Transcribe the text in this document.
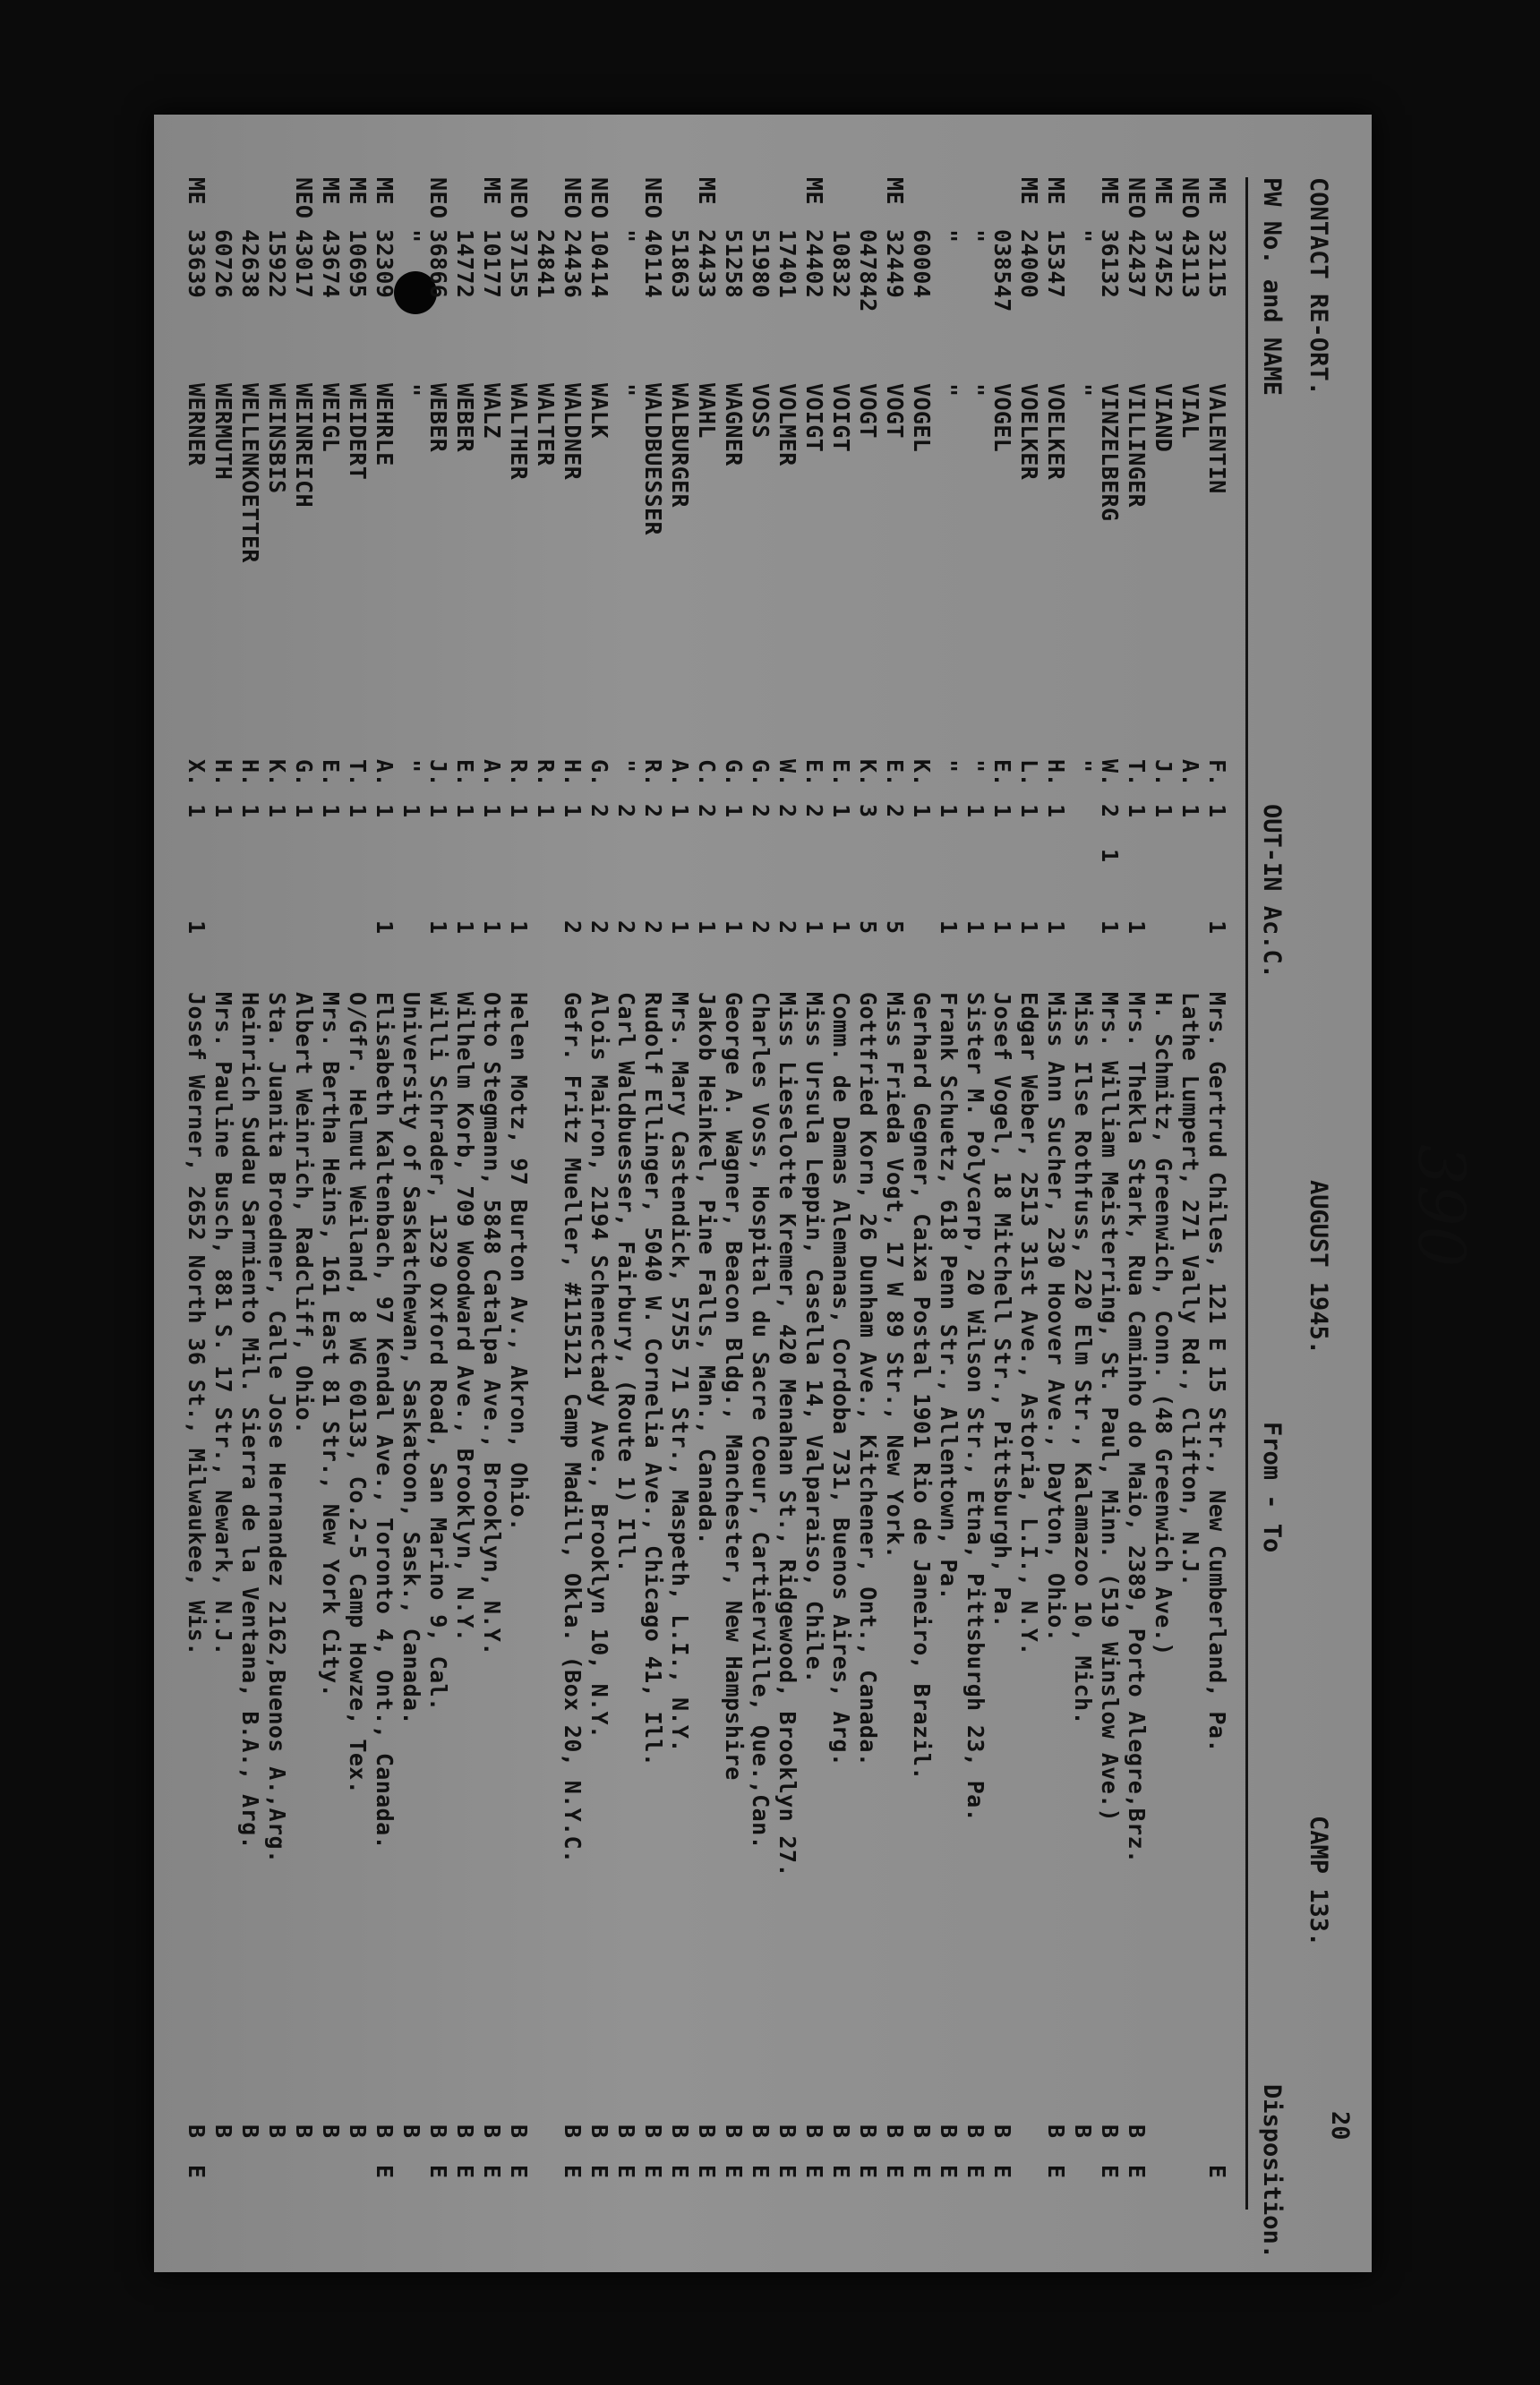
390
CONTACT RE-ORT.
AUGUST 1945.
CAMP 133.
20
PW No. and NAME
OUT-IN Ac.C.
From - To
Disposition.
ME
32115
VALENTIN
F.
1
1
Mrs. Gertrud Chiles, 121 E 15 Str., New Cumberland, Pa.
E
NEO
43113
VIAL
A.
1
Lathe Lumpert, 271 Vally Rd., Clifton, N.J.
ME
37452
VIAND
J.
1
H. Schmitz, Greenwich, Conn. (48 Greenwich Ave.)
NEO
42437
VILLINGER
T.
1
1
Mrs. Thekla Stark, Rua Caminho do Maio, 2389, Porto Alegre,Brz.
B
E
ME
36132
VINZELBERG
W.
2
1
1
Mrs. William Meisterring, St. Paul, Minn. (519 Winslow Ave.)
B
E
"
"
"
Miss Ilse Rothfuss, 220 Elm Str., Kalamazoo 10, Mich.
B
ME
15347
VOELKER
H.
1
1
Miss Ann Sucher, 230 Hoover Ave., Dayton, Ohio.
B
E
ME
24000
VOELKER
L.
1
1
Edgar Weber, 2513 31st Ave., Astoria, L.I., N.Y.
038547
VOGEL
E.
1
1
Josef Vogel, 18 Mitchell Str., Pittsburgh, Pa.
B
E
"
"
"
1
1
Sister M. Polycarp, 20 Wilson Str., Etna, Pittsburgh 23, Pa.
B
E
"
"
"
1
1
Frank Schuetz, 618 Penn Str., Allentown, Pa.
B
E
60004
VOGEL
K.
1
Gerhard Gegner, Caixa Postal 1901 Rio de Janeiro, Brazil.
B
E
ME
32449
VOGT
E.
2
5
Miss Frieda Vogt, 17 W 89 Str., New York.
B
E
047842
VOGT
K.
3
5
Gottfried Korn, 26 Dunham Ave., Kitchener, Ont., Canada.
B
E
10832
VOIGT
E.
1
1
Comm. de Damas Alemanas, Cordoba 731, Buenos Aires, Arg.
B
E
ME
24402
VOIGT
E.
2
1
Miss Ursula Leppin, Casella 14, Valparaiso, Chile.
B
E
17401
VOLMER
W.
2
2
Miss Lieselotte Kremer, 420 Menahan St., Ridgewood, Brooklyn 27.
B
E
51980
VOSS
G.
2
2
Charles Voss, Hospital du Sacre Coeur, Cartierville, Que.,Can.
B
E
51258
WAGNER
G.
1
1
George A. Wagner, Beacon Bldg., Manchester, New Hampshire
B
E
ME
24433
WAHL
C.
2
1
Jakob Heinkel, Pine Falls, Man., Canada.
B
E
51863
WALBURGER
A.
1
1
Mrs. Mary Castendick, 5755 71 Str., Maspeth, L.I., N.Y.
B
E
NEO
40114
WALDBUESSER
R.
2
2
Rudolf Ellinger, 5040 W. Cornelia Ave., Chicago 41, Ill.
B
E
"
"
"
2
2
Carl Waldbuesser, Fairbury, (Route 1) Ill.
B
E
NEO
10414
WALK
G.
2
2
Alois Mairon, 2194 Schenectady Ave., Brooklyn 10, N.Y.
B
E
NEO
24436
WALDNER
H.
1
2
Gefr. Fritz Mueller, #115121 Camp Madill, Okla. (Box 20, N.Y.C.
B
E
24841
WALTER
R.
1
NEO
37155
WALTHER
R.
1
1
Helen Motz, 97 Burton Av., Akron, Ohio.
B
E
ME
10177
WALZ
A.
1
1
Otto Stegmann, 5848 Catalpa Ave., Brooklyn, N.Y.
B
E
14772
WEBER
E.
1
1
Wilhelm Korb, 709 Woodward Ave., Brooklyn, N.Y.
B
E
NEO
36866
WEBER
J.
1
1
Willi Schrader, 1329 Oxford Road, San Marino 9, Cal.
B
E
"
"
"
1
University of Saskatchewan, Saskatoon, Sask., Canada.
B
ME
32309
WEHRLE
A.
1
1
Elisabeth Kaltenbach, 97 Kendal Ave., Toronto 4, Ont., Canada.
B
E
ME
10695
WEIDERT
T.
1
O/Gfr. Helmut Weiland, 8 WG 60133, Co.2-5 Camp Howze, Tex.
B
ME
43674
WEIGL
E.
1
Mrs. Bertha Heins, 161 East 81 Str., New York City.
B
NEO
43017
WEINREICH
G.
1
Albert Weinrich, Radcliff, Ohio.
B
15922
WEINSBIS
K.
1
Sta. Juanita Broedner, Calle Jose Hernandez 2162,Buenos A.,Arg.
B
42638
WELLENKOETTER
H.
1
Heinrich Sudau Sarmiento Mil. Sierra de la Ventana, B.A., Arg.
B
60726
WERMUTH
H.
1
Mrs. Pauline Busch, 881 S. 17 Str., Newark, N.J.
B
ME
33639
WERNER
X.
1
1
Josef Werner, 2652 North 36 St., Milwaukee, Wis.
B
E
